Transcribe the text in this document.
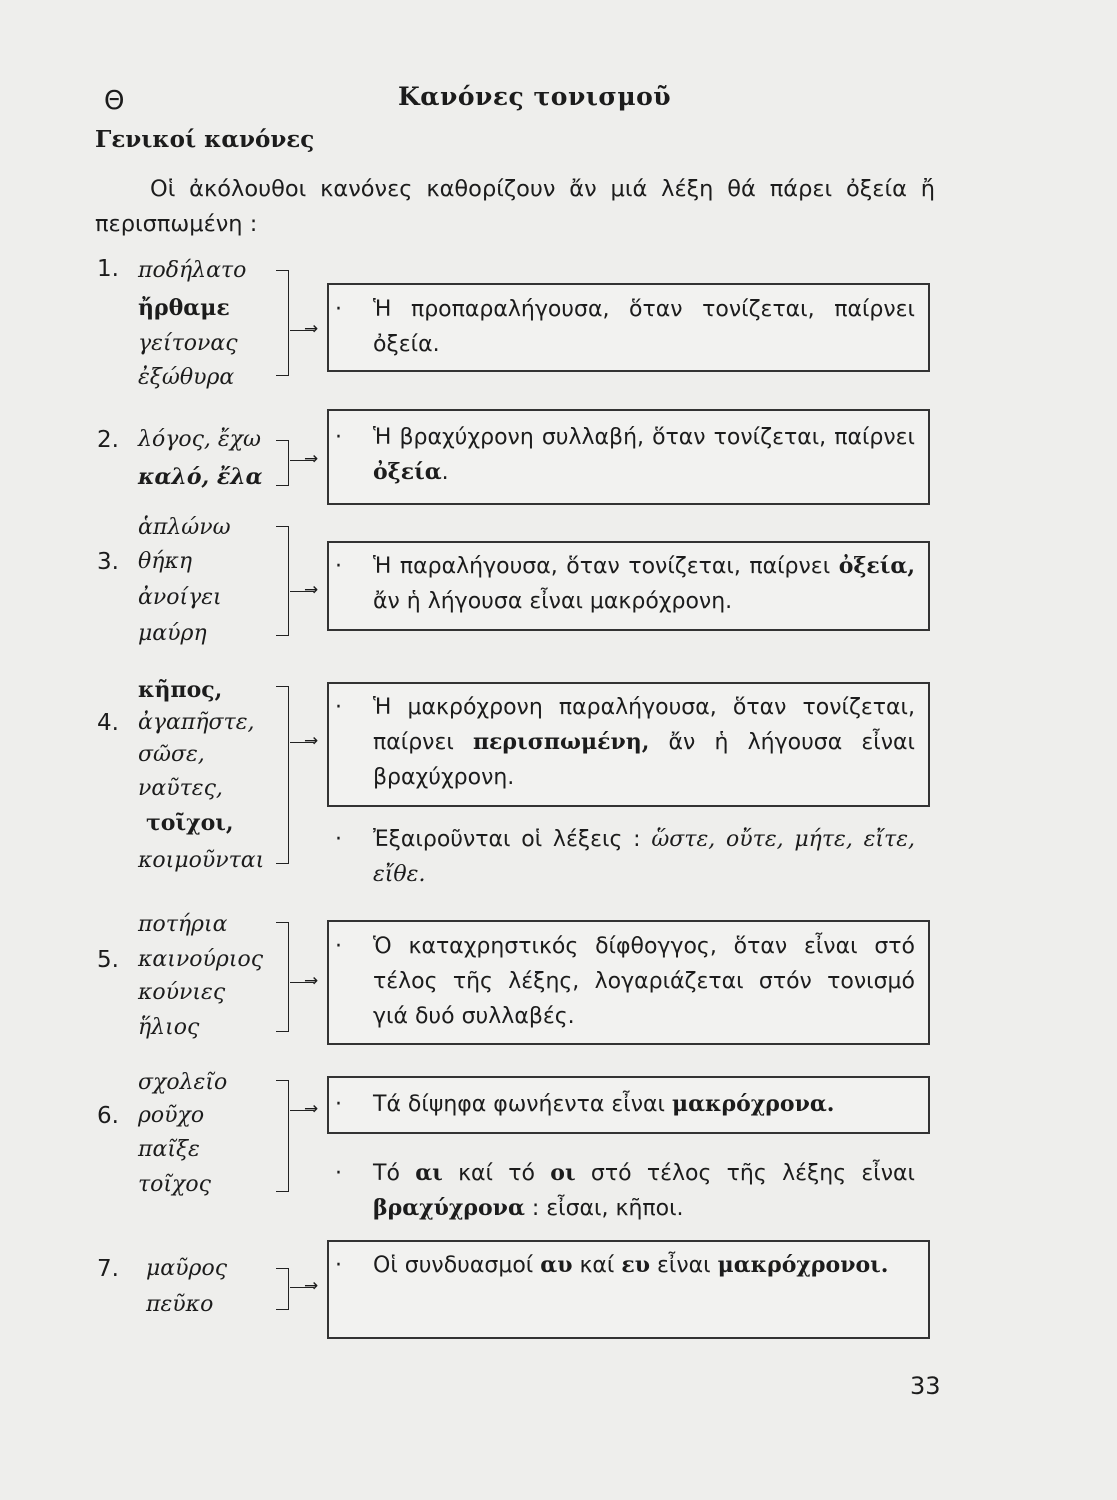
Θ	Κανόνες τονισμοῦ
Γενικοί κανόνες
Οἱ ἀκόλουθοι κανόνες καθορίζουν ἄν μιά λέξη θά πάρει ὀξεία ἤ περισπωμένη :
1. ποδήλατο
ἤρθαμε
γείτονας
ἐξώθυρα
→
· Ἡ προπαραλήγουσα, ὅταν τονίζεται, παίρνει ὀξεία.
2. λόγος, ἔχω
καλό, ἔλα
→
· Ἡ βραχύχρονη συλλαβή, ὅταν τονίζεται, παίρνει ὀξεία.
ἁπλώνω
3. θήκη
ἀνοίγει
μαύρη
→
· Ἡ παραλήγουσα, ὅταν τονίζεται, παίρνει ὀξεία, ἄν ἡ λήγουσα εἶναι μακρόχρονη.
κῆπος,
4. ἀγαπῆστε,
σῶσε,
ναῦτες,
τοῖχοι,
κοιμοῦνται
→
· Ἡ μακρόχρονη παραλήγουσα, ὅταν τονίζεται, παίρνει περισπωμένη, ἄν ἡ λήγουσα εἶναι βραχύχρονη.
· Ἐξαιροῦνται οἱ λέξεις : ὥστε, οὔτε, μήτε, εἴτε, εἴθε.
ποτήρια
5. καινούριος
κούνιες
ἥλιος
→
· Ὁ καταχρηστικός δίφθογγος, ὅταν εἶναι στό τέλος τῆς λέξης, λογαριάζεται στόν τονισμό γιά δυό συλλαβές.
σχολεῖο
6. ρoῦχο
παῖξε
τοῖχος
→ · Τά δίψηφα φωνήεντα εἶναι μακρόχρονα.
· Τό αι καί τό οι στό τέλος τῆς λέξης εἶναι βραχύχρονα : εἶσαι, κῆποι.
7. μαῦρος
πεῦκο
→
· Οἱ συνδυασμοί αυ καί ευ εἶναι μακρόχρονοι.
33
